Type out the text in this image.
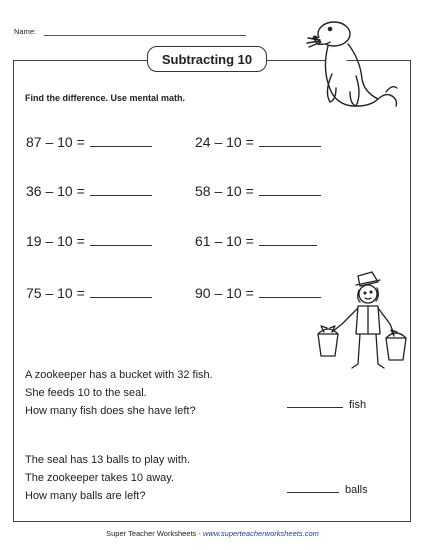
Name:
Subtracting 10
Find the difference. Use mental math.
87 – 10 =	24 – 10 =
36 – 10 =	58 – 10 =
19 – 10 =	61 – 10 =
75 – 10 =	90 – 10 =
A zookeeper has a bucket with 32 fish.
She feeds 10 to the seal.
How many fish does she have left?	fish
The seal has 13 balls to play with.
The zookeeper takes 10 away.
How many balls are left?	balls
Super Teacher Worksheets - www.superteacherworksheets.com
